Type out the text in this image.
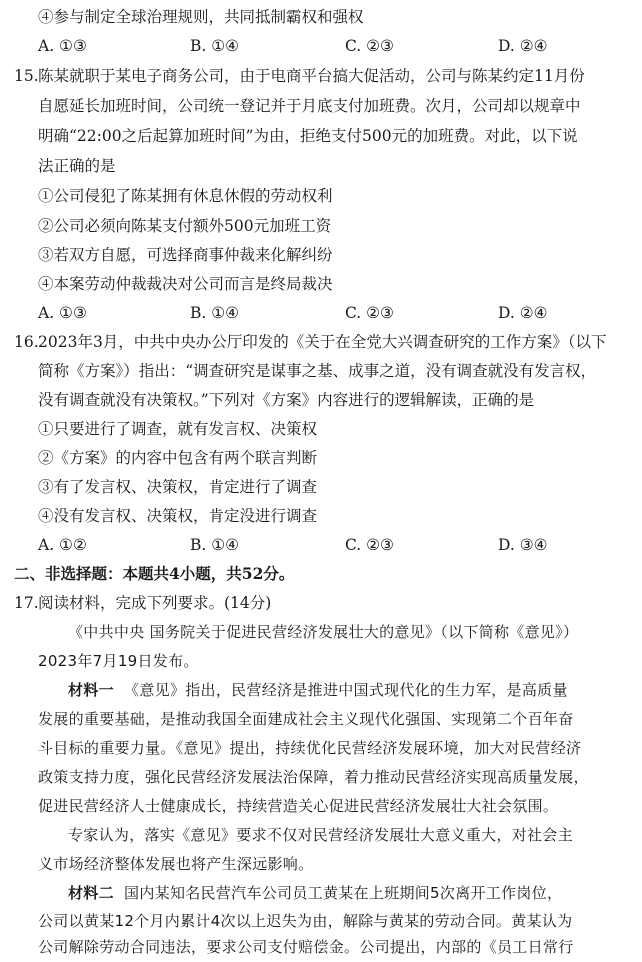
④参与制定全球治理规则，共同抵制霸权和强权
A. ①③	B. ①④	C. ②③	D. ②④
15.陈某就职于某电子商务公司，由于电商平台搞大促活动，公司与陈某约定11月份
自愿延长加班时间，公司统一登记并于月底支付加班费。次月，公司却以规章中
明确“22:00之后起算加班时间”为由，拒绝支付500元的加班费。对此，以下说
法正确的是
①公司侵犯了陈某拥有休息休假的劳动权利
②公司必须向陈某支付额外500元加班工资
③若双方自愿，可选择商事仲裁来化解纠纷
④本案劳动仲裁裁决对公司而言是终局裁决
A. ①③	B. ①④	C. ②③	D. ②④
16.2023年3月，中共中央办公厅印发的《关于在全党大兴调查研究的工作方案》（以下
简称《方案》）指出：“调查研究是谋事之基、成事之道，没有调查就没有发言权，
没有调查就没有决策权。”下列对《方案》内容进行的逻辑解读，正确的是
①只要进行了调查，就有发言权、决策权
②《方案》的内容中包含有两个联言判断
③有了发言权、决策权，肯定进行了调查
④没有发言权、决策权，肯定没进行调查
A. ①②	B. ①④	C. ②③	D. ③④
二、非选择题：本题共4小题，共52分。
17.阅读材料，完成下列要求。(14分)
《中共中央 国务院关于促进民营经济发展壮大的意见》（以下简称《意见》）
2023年7月19日发布。
材料一 《意见》指出，民营经济是推进中国式现代化的生力军，是高质量
发展的重要基础，是推动我国全面建成社会主义现代化强国、实现第二个百年奋
斗目标的重要力量。《意见》提出，持续优化民营经济发展环境，加大对民营经济
政策支持力度，强化民营经济发展法治保障，着力推动民营经济实现高质量发展，
促进民营经济人士健康成长，持续营造关心促进民营经济发展壮大社会氛围。
专家认为，落实《意见》要求不仅对民营经济发展壮大意义重大，对社会主
义市场经济整体发展也将产生深远影响。
材料二 国内某知名民营汽车公司员工黄某在上班期间5次离开工作岗位，
公司以黄某12个月内累计4次以上迟失为由，解除与黄某的劳动合同。黄某认为
公司解除劳动合同违法，要求公司支付赔偿金。公司提出，内部的《员工日常行
